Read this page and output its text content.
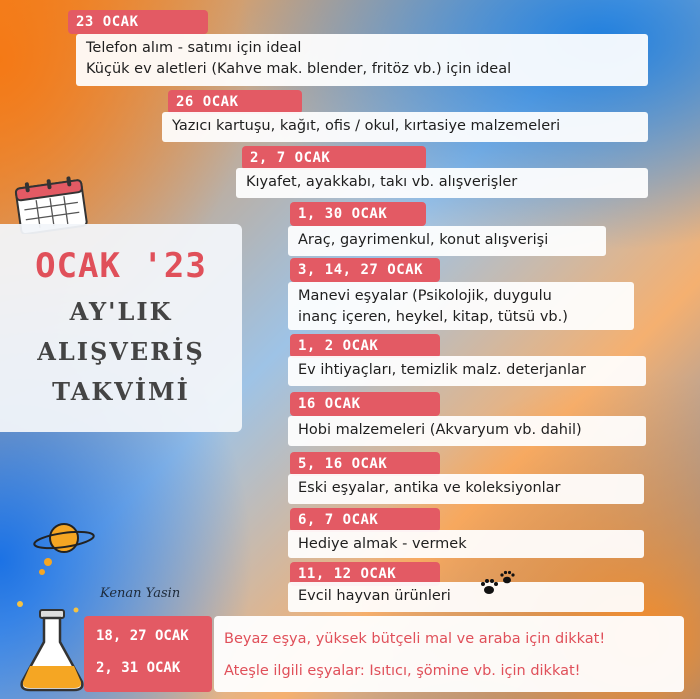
23 OCAK
Telefon alım - satımı için ideal
Küçük ev aletleri (Kahve mak. blender, fritöz vb.) için ideal
26 OCAK
Yazıcı kartuşu, kağıt, ofis / okul, kırtasiye malzemeleri
2, 7 OCAK
Kıyafet, ayakkabı, takı vb. alışverişler
1, 30 OCAK
Araç, gayrimenkul, konut alışverişi
3, 14, 27 OCAK
Manevi eşyalar (Psikolojik, duygulu
inanç içeren, heykel, kitap, tütsü vb.)
1, 2 OCAK
Ev ihtiyaçları, temizlik malz. deterjanlar
16 OCAK
Hobi malzemeleri (Akvaryum vb. dahil)
5, 16 OCAK
Eski eşyalar, antika ve koleksiyonlar
6, 7 OCAK
Hediye almak - vermek
11, 12 OCAK
Evcil hayvan ürünleri
OCAK '23
AY'LIK
ALIŞVERİŞ
TAKVİMİ
Kenan Yasin
18, 27 OCAK
2, 31 OCAK
Beyaz eşya, yüksek bütçeli mal ve araba için dikkat!
Ateşle ilgili eşyalar: Isıtıcı, şömine vb. için dikkat!
